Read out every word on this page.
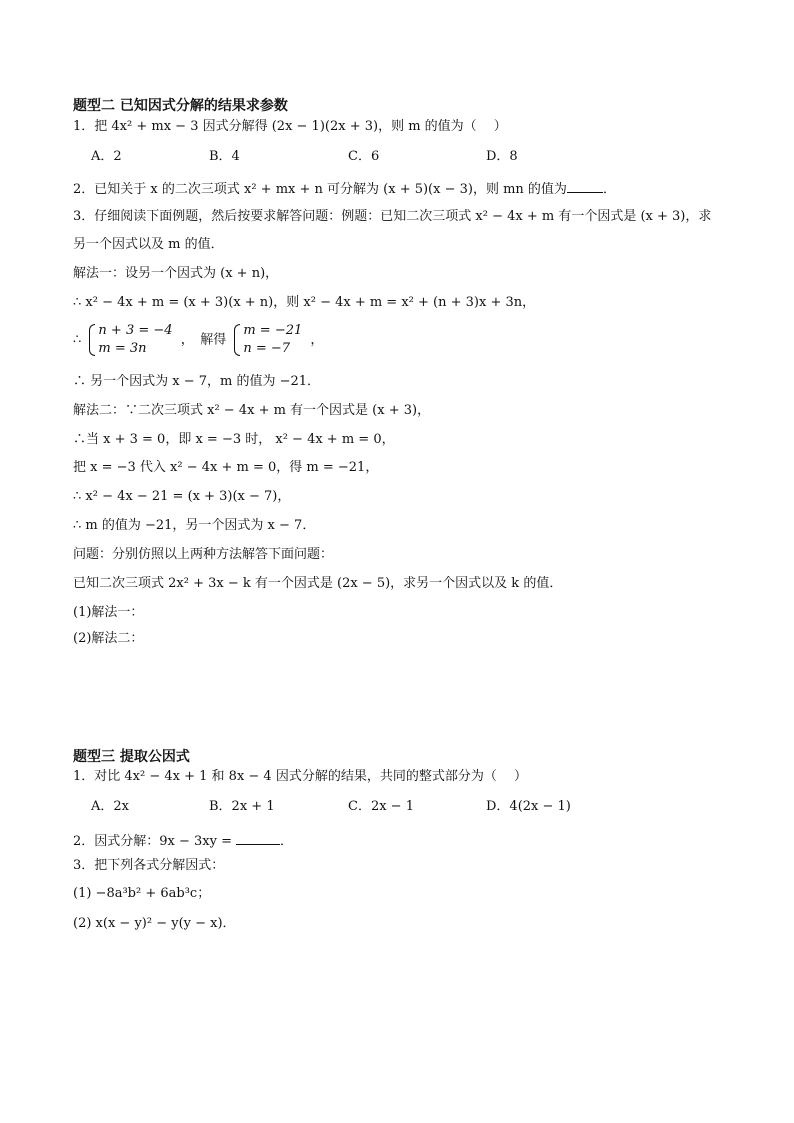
题型二 已知因式分解的结果求参数
1．把 4x² + mx − 3 因式分解得 (2x − 1)(2x + 3)，则 m 的值为（　 ）
A．2	B．4	C．6	D．8
2．已知关于 x 的二次三项式 x² + mx + n 可分解为 (x + 5)(x − 3)，则 mn 的值为	．
3．仔细阅读下面例题，然后按要求解答问题：例题：已知二次三项式 x² − 4x + m 有一个因式是 (x + 3)，求
另一个因式以及 m 的值．
解法一：设另一个因式为 (x + n)，
∴ x² − 4x + m = (x + 3)(x + n)，则 x² − 4x + m = x² + (n + 3)x + 3n，
∴
n + 3 = −4
m = 3n
，　解得
m = −21
n = −7
，
∴ 另一个因式为 x − 7，m 的值为 −21．
解法二：∵二次三项式 x² − 4x + m 有一个因式是 (x + 3)，
∴当 x + 3 = 0，即 x = −3 时， x² − 4x + m = 0，
把 x = −3 代入 x² − 4x + m = 0，得 m = −21，
∴ x² − 4x − 21 = (x + 3)(x − 7)，
∴ m 的值为 −21，另一个因式为 x − 7．
问题：分别仿照以上两种方法解答下面问题：
已知二次三项式 2x² + 3x − k 有一个因式是 (2x − 5)，求另一个因式以及 k 的值．
(1)解法一：
(2)解法二：
题型三 提取公因式
1．对比 4x² − 4x + 1 和 8x − 4 因式分解的结果，共同的整式部分为（　 ）
A．2x	B．2x + 1	C．2x − 1	D．4(2x − 1)
2．因式分解：9x − 3xy =	．
3．把下列各式分解因式：
(1) −8a³b² + 6ab³c；
(2) x(x − y)² − y(y − x)．
